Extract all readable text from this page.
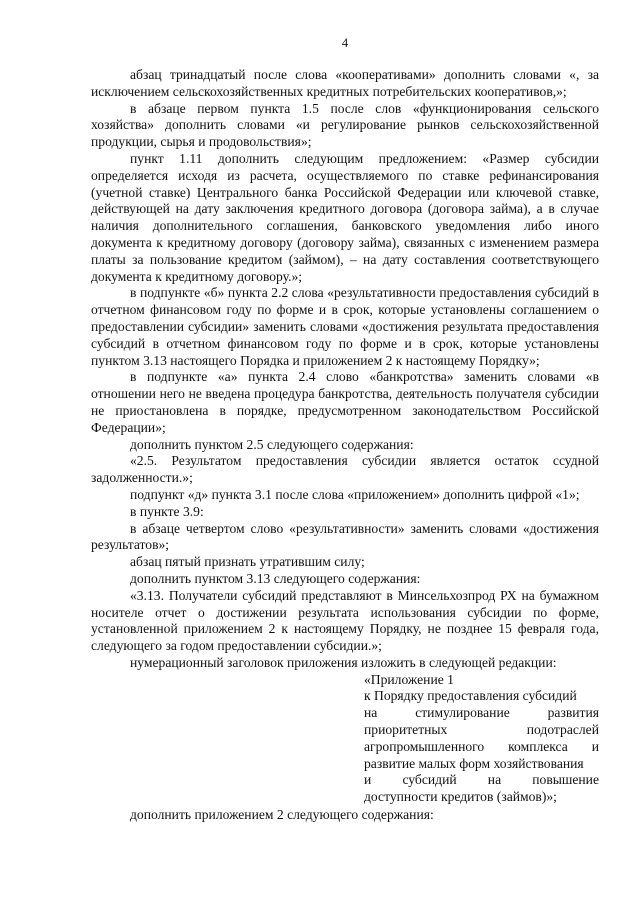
4

абзац тринадцатый после слова «кооперативами» дополнить словами «, за исключением сельскохозяйственных кредитных потребительских кооперативов,»;

в абзаце первом пункта 1.5 после слов «функционирования сельского хозяйства» дополнить словами «и регулирование рынков сельскохозяйственной продукции, сырья и продовольствия»;

пункт 1.11 дополнить следующим предложением: «Размер субсидии определяется исходя из расчета, осуществляемого по ставке рефинансирования (учетной ставке) Центрального банка Российской Федерации или ключевой ставке, действующей на дату заключения кредитного договора (договора займа), а в случае наличия дополнительного соглашения, банковского уведомления либо иного документа к кредитному договору (договору займа), связанных с изменением размера платы за пользование кредитом (займом), – на дату составления соответствующего документа к кредитному договору.»;

в подпункте «б» пункта 2.2 слова «результативности предоставления субсидий в отчетном финансовом году по форме и в срок, которые установлены соглашением о предоставлении субсидии» заменить словами «достижения результата предоставления субсидий в отчетном финансовом году по форме и в срок, которые установлены пунктом 3.13 настоящего Порядка и приложением 2 к настоящему Порядку»;

в подпункте «а» пункта 2.4 слово «банкротства» заменить словами «в отношении него не введена процедура банкротства, деятельность получателя субсидии не приостановлена в порядке, предусмотренном законодательством Российской Федерации»;

дополнить пунктом 2.5 следующего содержания:

«2.5. Результатом предоставления субсидии является остаток ссудной задолженности.»;

подпункт «д» пункта 3.1 после слова «приложением» дополнить цифрой «1»;

в пункте 3.9:

в абзаце четвертом слово «результативности» заменить словами «достижения результатов»;

абзац пятый признать утратившим силу;

дополнить пунктом 3.13 следующего содержания:

«3.13. Получатели субсидий представляют в Минсельхозпрод РХ на бумажном носителе отчет о достижении результата использования субсидии по форме, установленной приложением 2 к настоящему Порядку, не позднее 15 февраля года, следующего за годом предоставлении субсидии.»;

нумерационный заголовок приложения изложить в следующей редакции:

«Приложение 1
к Порядку предоставления субсидий
на стимулирование развития
приоритетных подотраслей
агропромышленного комплекса и
развитие малых форм хозяйствования
и субсидий на повышение
доступности кредитов (займов)»;

дополнить приложением 2 следующего содержания:
